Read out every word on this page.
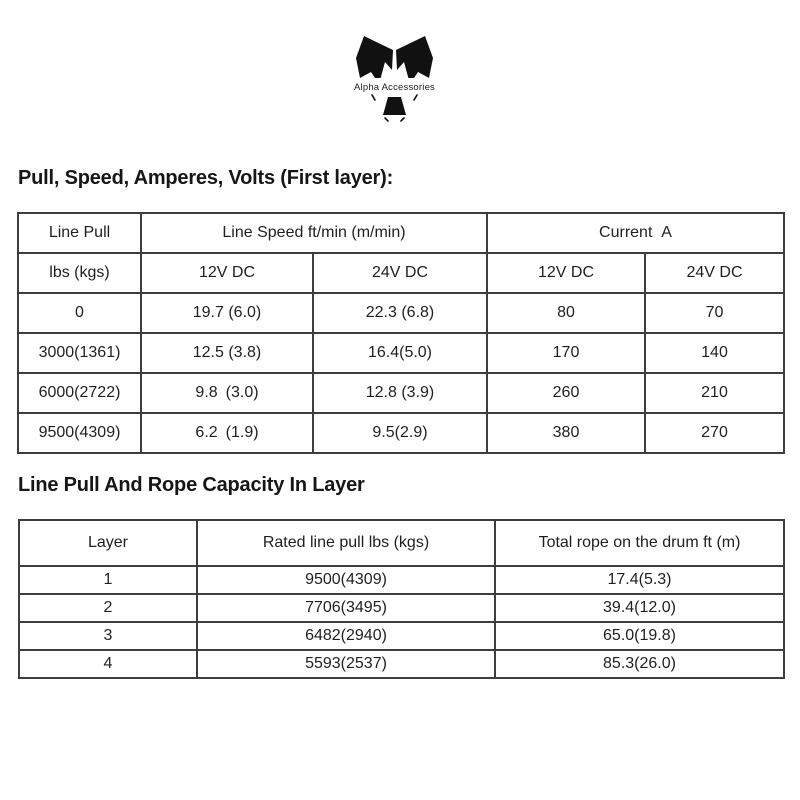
Alpha Accessories
Pull, Speed, Amperes, Volts (First layer):
Line Pull	Line Speed ft/min (m/min)		Current  A	
lbs (kgs)	12V DC	24V DC	12V DC	24V DC
0	19.7 (6.0)	22.3 (6.8)	80	70
3000(1361)	12.5 (3.8)	16.4(5.0)	170	140
6000(2722)	9.8 (3.0)	12.8 (3.9)	260	210
9500(4309)	6.2 (1.9)	9.5(2.9)	380	270
Line Pull And Rope Capacity In Layer
Layer	Rated line pull lbs (kgs)	Total rope on the drum ft (m)
1	9500(4309)	17.4(5.3)
2	7706(3495)	39.4(12.0)
3	6482(2940)	65.0(19.8)
4	5593(2537)	85.3(26.0)
